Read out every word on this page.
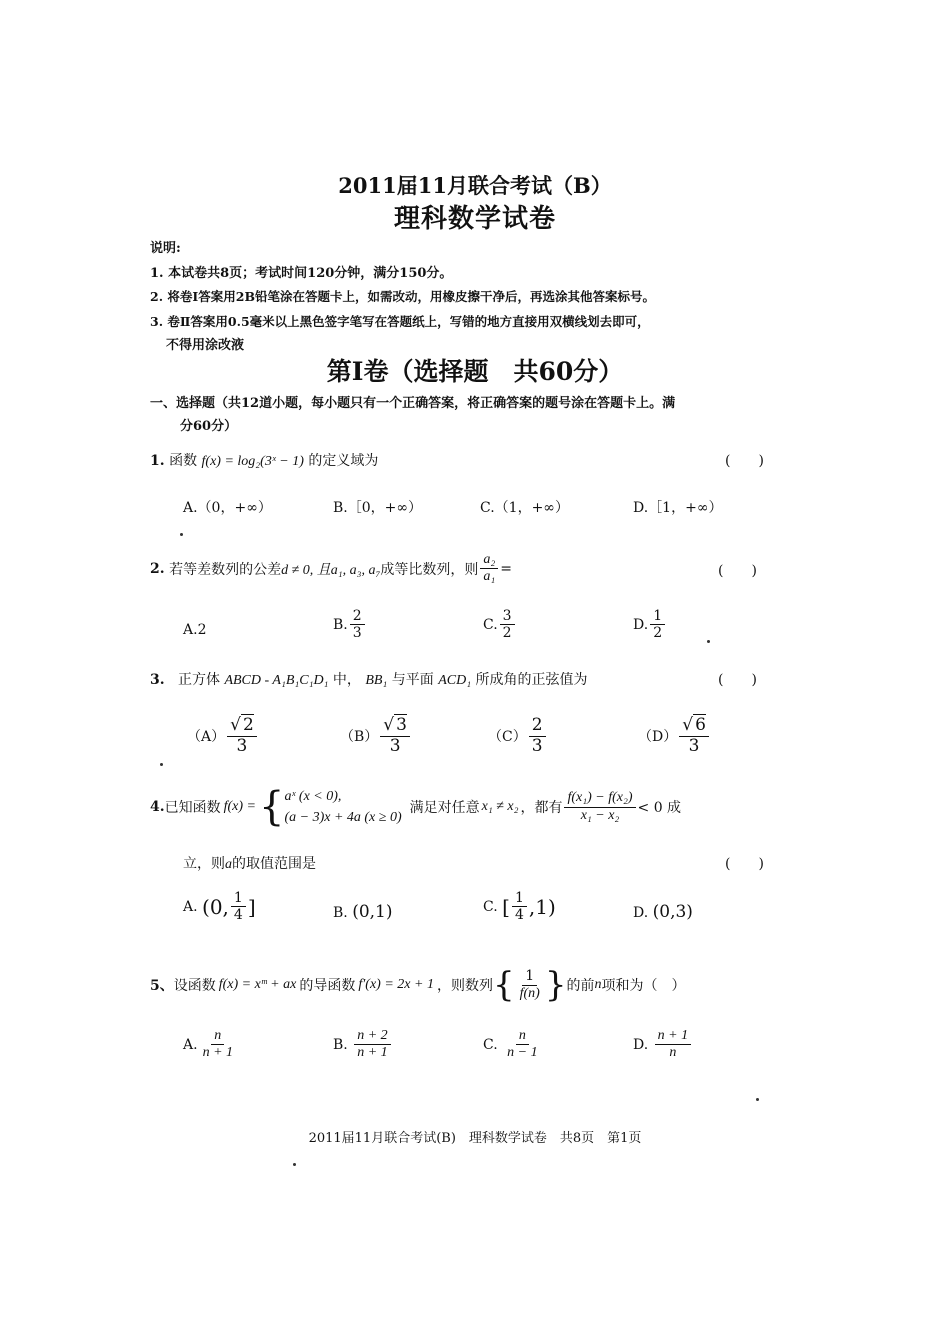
2011届11月联合考试（B）
理科数学试卷
说明:
1. 本试卷共8页；考试时间120分钟，满分150分。
2. 将卷Ⅰ答案用2B铅笔涂在答题卡上，如需改动，用橡皮擦干净后，再选涂其他答案标号。
3. 卷Ⅱ答案用0.5毫米以上黑色签字笔写在答题纸上，写错的地方直接用双横线划去即可，
不得用涂改液
第Ⅰ卷（选择题　共60分）
一、选择题（共12道小题，每小题只有一个正确答案，将正确答案的题号涂在答题卡上。满
分60分）
1. 函数 f(x) = log₂(3ˣ − 1) 的定义域为	(　　)
A.（0，+∞）	B.［0，+∞）	C.（1，+∞）	D.［1，+∞）
2.
若等差数列的公差 d ≠ 0, 且a₁, a₃, a₇ 成等比数列，则 $\frac{\text{a₂}}{\text{a₁}}$ =	(　　)
A.2	B. $\frac{2}{3}$	C. $\frac{3}{2}$	D. $\frac{1}{2}$
3. 正方体 ABCD - A₁B₁C₁D₁ 中， BB₁ 与平面 ACD₁ 所成角的正弦值为	(　　)
$(A) \frac{√ 2}{3}$	$(B) \frac{√ 3}{3}$	$(C) \frac{2}{3}$	$(D) \frac{√ 6}{3}$
4. 已知函数 f(x) = { aˣ (x < 0),
(a − 3)x + 4a (x ≥ 0)
满足对任意 x₁ ≠ x₂ ，都有 $\frac{\text{f(x₁) − f(x₂)}}{\text{x₁ − x₂}} < 0$ 成
立，则a的取值范围是	(　　)
A.
(0, $\frac{1}{4}$ ]	B. (0,1)	C.
[ $\frac{1}{4} ,1$)	D. (0,3)
5、 设函数 f(x) = xᵐ + ax 的导函数 f′(x) = 2x + 1 ，则数列 { $\frac{1}{f(n)}$ } 的前 n 项和为（　）
A. $\frac{n}{n + 1}$	B.
$\frac{n + 2}{n + 1}$	C.
$\frac{n}{n - 1}$	D.
$\frac{n + 1}{n}$
2011届11月联合考试(B)　理科数学试卷　共8页　第1页
